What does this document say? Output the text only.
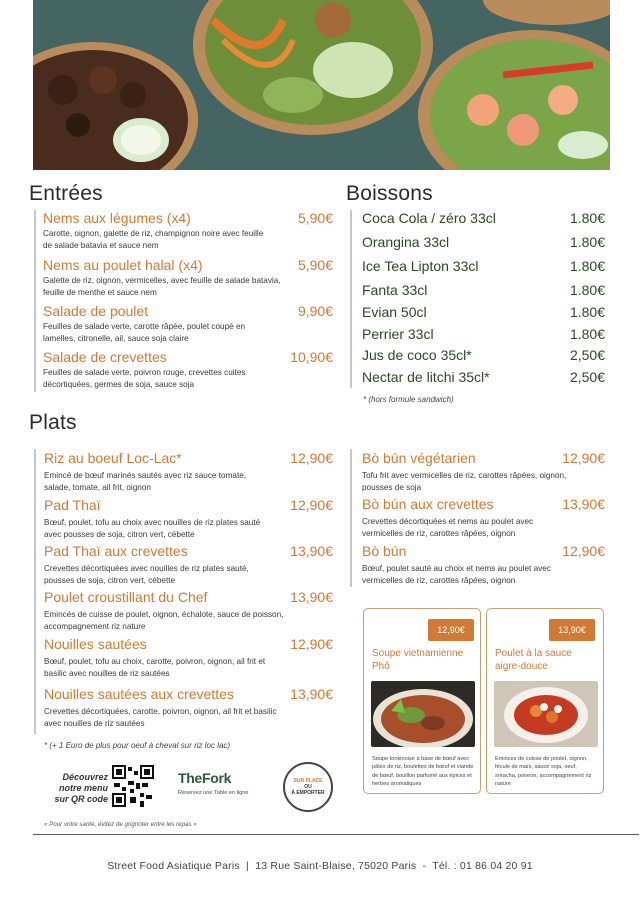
Entrées	Boissons
Plats
Nems aux légumes (x4)	5,90€
Carotte, oignon, galette de riz, champignon noire avec feuille de salade batavia et sauce nem
Nems au poulet halal (x4)	5,90€
Galette de riz, oignon, vermicelles, avec feuille de salade batavia, feuille de menthe et sauce nem
Salade de poulet	9,90€
Feuilles de salade verte, carotte râpée, poulet coupé en lamelles, citronelle, ail, sauce soja claire
Salade de crevettes	10,90€
Feuilles de salade verte, poivron rouge, crevettes cuites décortiquées, germes de soja, sauce soja
Coca Cola / zéro 33cl	1.80€
Orangina 33cl	1.80€
Ice Tea Lipton 33cl	1.80€
Fanta 33cl	1.80€
Evian 50cl	1.80€
Perrier 33cl	1.80€
Jus de coco 35cl*	2,50€
Nectar de litchi 35cl*	2,50€
* (hors formule sandwich)
Riz au boeuf Loc-Lac*	12,90€
Emincé de bœuf marinés sautés avec riz sauce tomate, salade, tomate, ail frit, oignon
Pad Thaï	12,90€
Bœuf, poulet, tofu au choix avec nouilles de riz plates sauté avec pousses de soja, citron vert, cébette
Pad Thaï aux crevettes	13,90€
Crevettes décortiquées avec nouilles de riz plates sauté, pousses de soja, citron vert, cébette
Poulet croustillant du Chef	13,90€
Emincés de cuisse de poulet, oignon, échalote, sauce de poisson, accompagnement riz nature
Nouilles sautées	12,90€
Bœuf, poulet, tofu au choix, carotte, poivron, oignon, ail frit et basilic avec nouilles de riz sautées
Nouilles sautées aux crevettes	13,90€
Crevettes décortiquées, carotte, poivron, oignon, ail frit et basilic avec nouilles de riz sautées
* (+ 1 Euro de plus pour oeuf à cheval sur riz loc lac)
Bò bún végétarien	12,90€
Tofu frit avec vermicelles de riz, carottes râpées, oignon, pousses de soja
Bò bún aux crevettes	13,90€
Crevettes décortiquées et nems au poulet avec vermicelles de riz, carottes râpées, oignon
Bò bún	12,90€
Bœuf, poulet sauté au choix et nems au poulet avec vermicelles de riz, carottes râpées, oignon
12,90€
Soupe vietnamienne Phô
Soupe tonkinoise à base de bœuf avec pâtes de riz, boulettes de bœuf et viande de bœuf, bouillon parfumé aux épices et herbes aromatiques
13,90€
Poulet à la sauce aigre-douce
Eminces de cuisse de poulet, oignon, fécule de maïs, sauce soja, oeuf, sriracha, poivron, accompagnement riz nature
Découvrez notre menu sur QR code
TheFork
Réservez une Table en ligne
SUR PLACE
OU
À EMPORTER
« Pour votre santé, évitez de grignoter entre les repas »
Street Food Asiatique Paris  |  13 Rue Saint-Blaise, 75020 Paris  -  Tél. : 01 86 04 20 91
